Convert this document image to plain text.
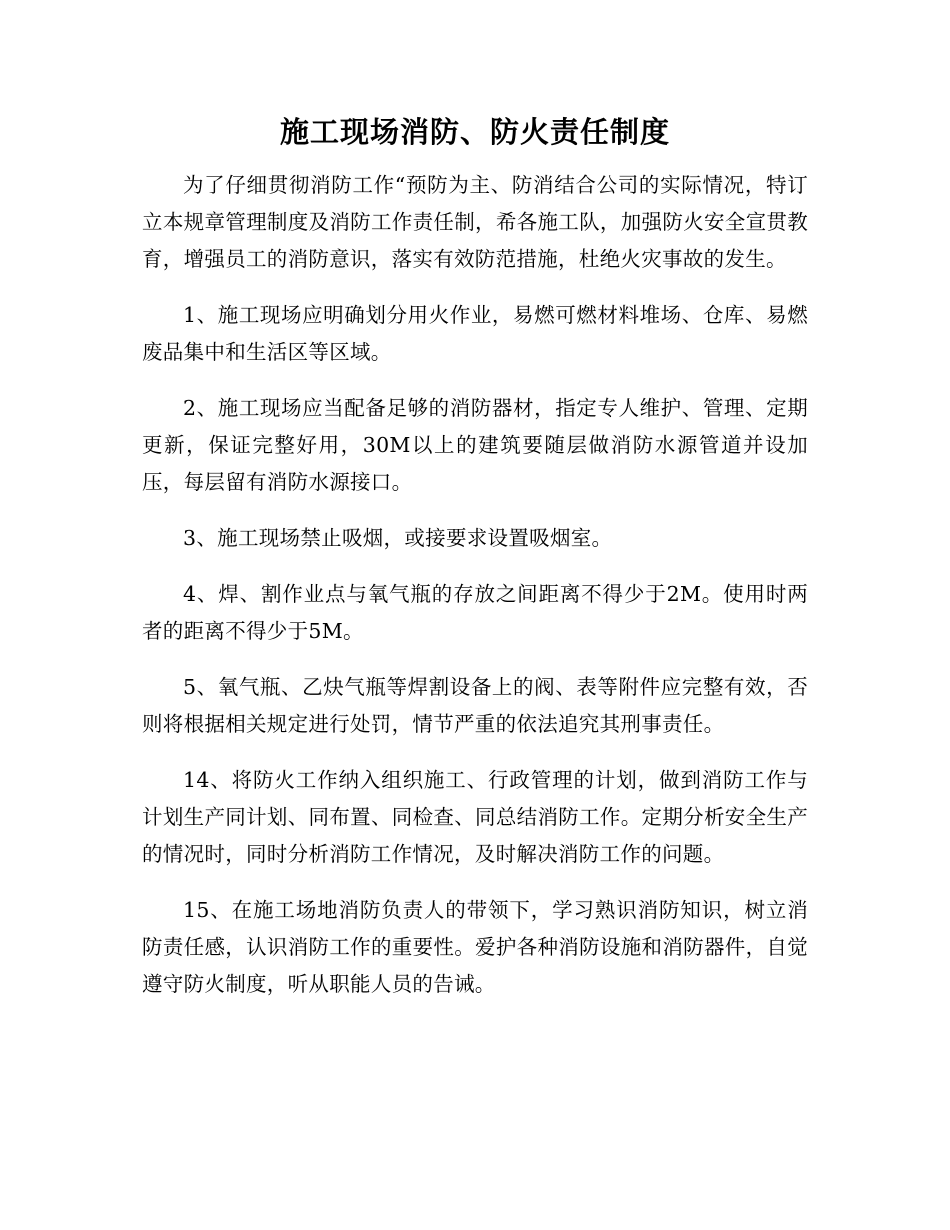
施工现场消防、防火责任制度

为了仔细贯彻消防工作“预防为主、防消结合公司的实际情况，特订立本规章管理制度及消防工作责任制，希各施工队，加强防火安全宣贯教育，增强员工的消防意识，落实有效防范措施，杜绝火灾事故的发生。

1、施工现场应明确划分用火作业，易燃可燃材料堆场、仓库、易燃废品集中和生活区等区域。

2、施工现场应当配备足够的消防器材，指定专人维护、管理、定期更新，保证完整好用，30M以上的建筑要随层做消防水源管道并设加压，每层留有消防水源接口。

3、施工现场禁止吸烟，或接要求设置吸烟室。

4、焊、割作业点与氧气瓶的存放之间距离不得少于2M。使用时两者的距离不得少于5M。

5、氧气瓶、乙炔气瓶等焊割设备上的阀、表等附件应完整有效，否则将根据相关规定进行处罚，情节严重的依法追究其刑事责任。

14、将防火工作纳入组织施工、行政管理的计划，做到消防工作与计划生产同计划、同布置、同检查、同总结消防工作。定期分析安全生产的情况时，同时分析消防工作情况，及时解决消防工作的问题。

15、在施工场地消防负责人的带领下，学习熟识消防知识，树立消防责任感，认识消防工作的重要性。爱护各种消防设施和消防器件，自觉遵守防火制度，听从职能人员的告诫。
